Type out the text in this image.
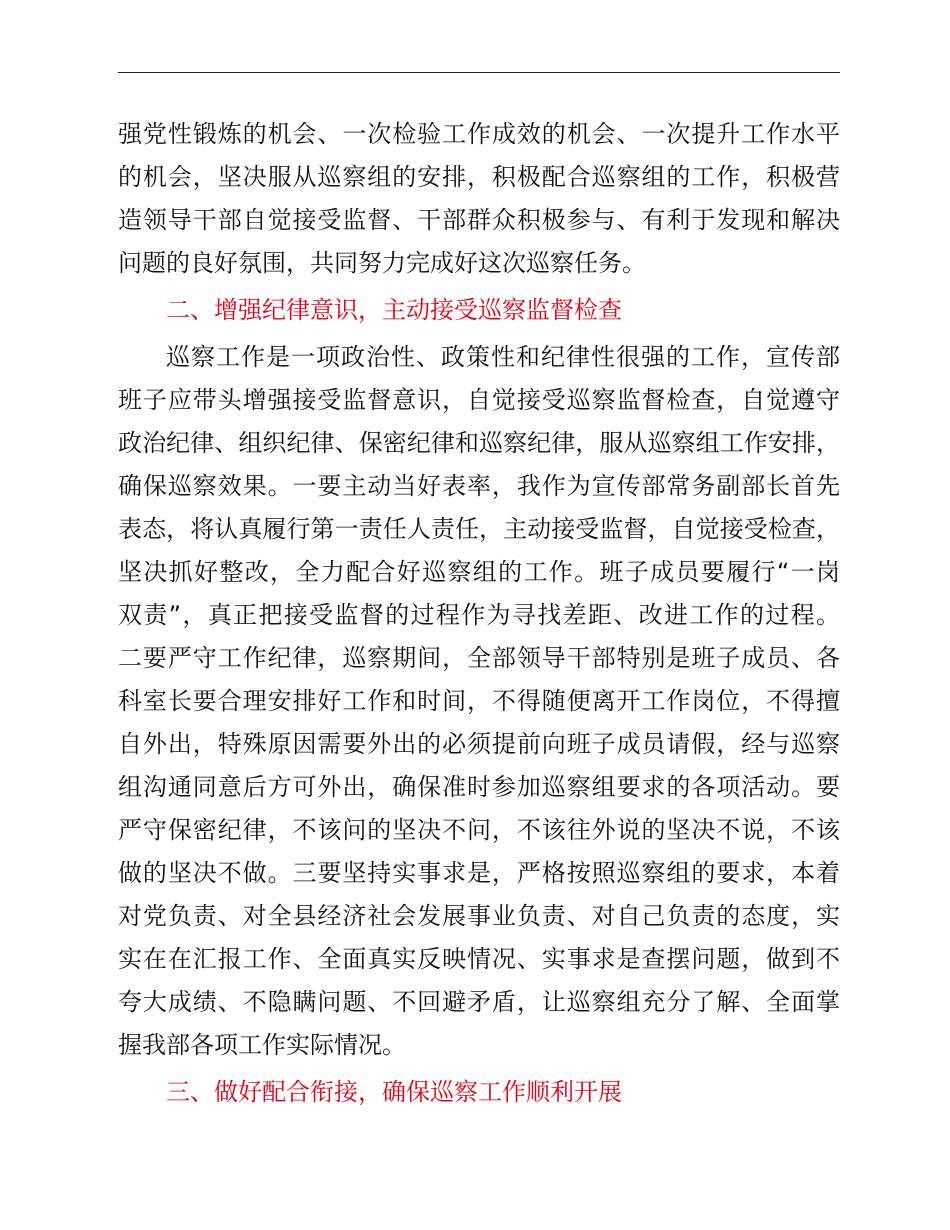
强党性锻炼的机会、一次检验工作成效的机会、一次提升工作水平
的机会，坚决服从巡察组的安排，积极配合巡察组的工作，积极营
造领导干部自觉接受监督、干部群众积极参与、有利于发现和解决
问题的良好氛围，共同努力完成好这次巡察任务。
二、增强纪律意识，主动接受巡察监督检查
巡察工作是一项政治性、政策性和纪律性很强的工作，宣传部
班子应带头增强接受监督意识，自觉接受巡察监督检查，自觉遵守
政治纪律、组织纪律、保密纪律和巡察纪律，服从巡察组工作安排，
确保巡察效果。一要主动当好表率，我作为宣传部常务副部长首先
表态，将认真履行第一责任人责任，主动接受监督，自觉接受检查，
坚决抓好整改，全力配合好巡察组的工作。班子成员要履行“一岗
双责”，真正把接受监督的过程作为寻找差距、改进工作的过程。
二要严守工作纪律，巡察期间，全部领导干部特别是班子成员、各
科室长要合理安排好工作和时间，不得随便离开工作岗位，不得擅
自外出，特殊原因需要外出的必须提前向班子成员请假，经与巡察
组沟通同意后方可外出，确保准时参加巡察组要求的各项活动。要
严守保密纪律，不该问的坚决不问，不该往外说的坚决不说，不该
做的坚决不做。三要坚持实事求是，严格按照巡察组的要求，本着
对党负责、对全县经济社会发展事业负责、对自己负责的态度，实
实在在汇报工作、全面真实反映情况、实事求是查摆问题，做到不
夸大成绩、不隐瞒问题、不回避矛盾，让巡察组充分了解、全面掌
握我部各项工作实际情况。
三、做好配合衔接，确保巡察工作顺利开展
